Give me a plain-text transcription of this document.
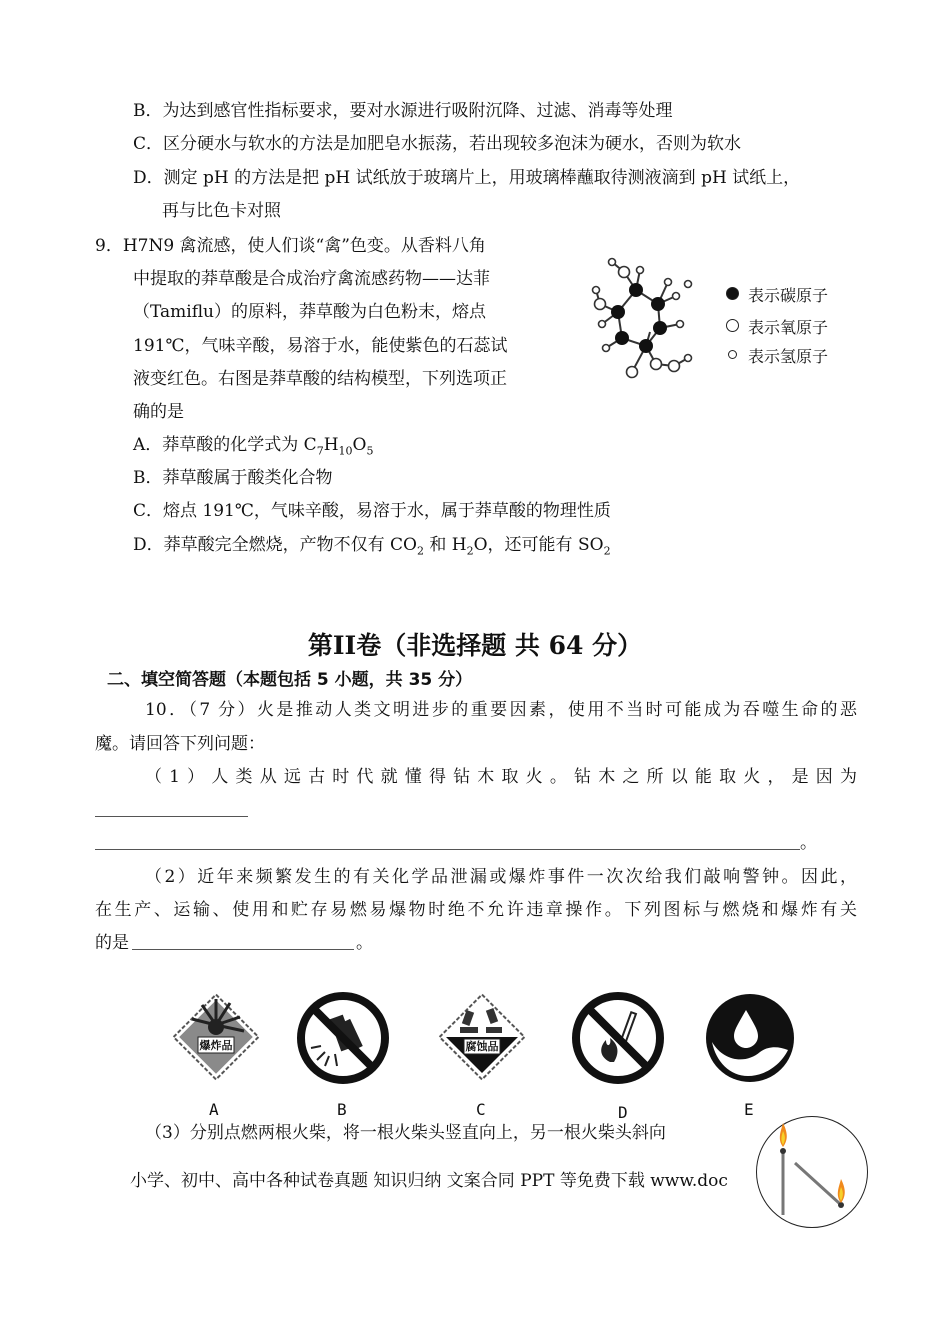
B．为达到感官性指标要求，要对水源进行吸附沉降、过滤、消毒等处理
C．区分硬水与软水的方法是加肥皂水振荡，若出现较多泡沫为硬水，否则为软水
D．测定 pH 的方法是把 pH 试纸放于玻璃片上，用玻璃棒蘸取待测液滴到 pH 试纸上，
再与比色卡对照
9．H7N9 禽流感，使人们谈“禽”色变。从香料八角
中提取的莽草酸是合成治疗禽流感药物——达菲
（Tamiflu）的原料，莽草酸为白色粉末，熔点
191℃，气味辛酸，易溶于水，能使紫色的石蕊试
液变红色。右图是莽草酸的结构模型，下列选项正
确的是
表示碳原子
表示氧原子
表示氢原子
A．莽草酸的化学式为 $C_7H_{10}O_5$
B．莽草酸属于酸类化合物
C．熔点 191℃，气味辛酸，易溶于水，属于莽草酸的物理性质
D．莽草酸完全燃烧，产物不仅有 $CO_2$ 和 $H_2O$，还可能有 $SO_2$
第II卷（非选择题 共 64 分）
二、填空简答题（本题包括 5 小题，共 35 分）
10．（7 分）火是推动人类文明进步的重要因素，使用不当时可能成为吞噬生命的恶
魔。请回答下列问题：
（1）人类从远古时代就懂得钻木取火。钻木之所以能取火，是因为
。
（2）近年来频繁发生的有关化学品泄漏或爆炸事件一次次给我们敲响警钟。因此，
在生产、运输、使用和贮存易燃易爆物时绝不允许违章操作。下列图标与燃烧和爆炸有关
的是	。
爆炸品	腐蚀品
A	B	C	D	E
（3）分别点燃两根火柴，将一根火柴头竖直向上，另一根火柴头斜向
小学、初中、高中各种试卷真题 知识归纳 文案合同 PPT 等免费下载 www.doc
